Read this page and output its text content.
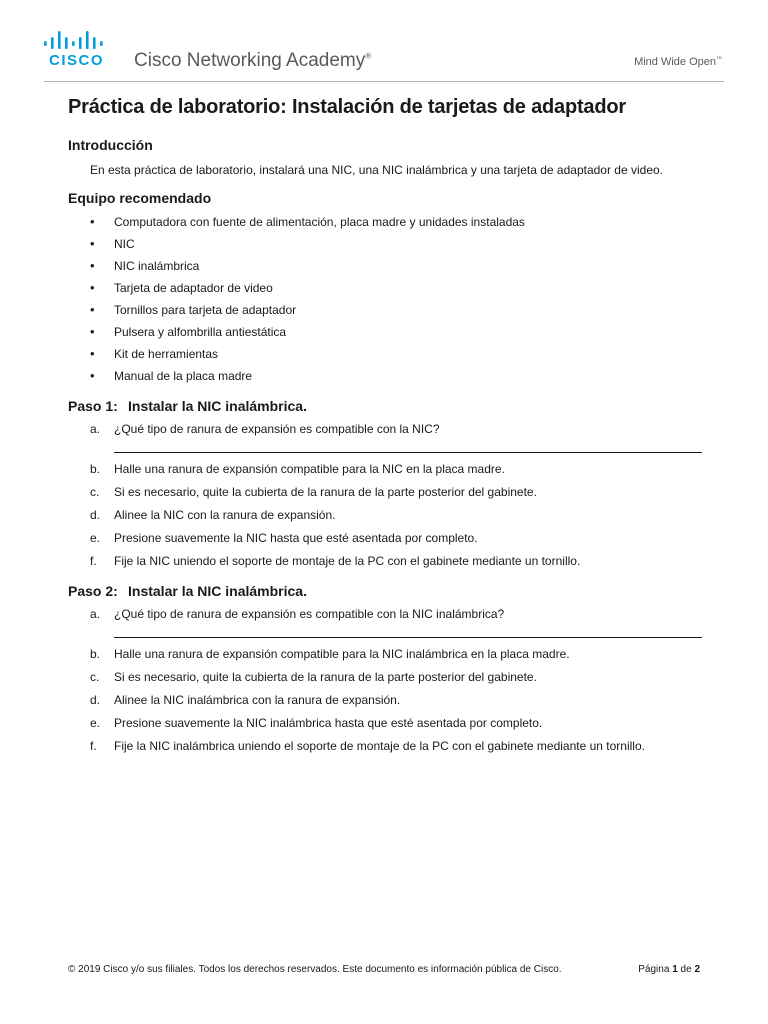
CISCO Cisco Networking Academy®	Mind Wide Open™
Práctica de laboratorio: Instalación de tarjetas de adaptador
Introducción

En esta práctica de laboratorio, instalará una NIC, una NIC inalámbrica y una tarjeta de adaptador de video.

Equipo recomendado
• Computadora con fuente de alimentación, placa madre y unidades instaladas
• NIC
• NIC inalámbrica
• Tarjeta de adaptador de video
• Tornillos para tarjeta de adaptador
• Pulsera y alfombrilla antiestática
• Kit de herramientas
• Manual de la placa madre
Paso 1: Instalar la NIC inalámbrica.
a. ¿Qué tipo de ranura de expansión es compatible con la NIC?
b. Halle una ranura de expansión compatible para la NIC en la placa madre.
c. Si es necesario, quite la cubierta de la ranura de la parte posterior del gabinete.
d. Alinee la NIC con la ranura de expansión.
e. Presione suavemente la NIC hasta que esté asentada por completo.
f. Fije la NIC uniendo el soporte de montaje de la PC con el gabinete mediante un tornillo.
Paso 2: Instalar la NIC inalámbrica.
a. ¿Qué tipo de ranura de expansión es compatible con la NIC inalámbrica?
b. Halle una ranura de expansión compatible para la NIC inalámbrica en la placa madre.
c. Si es necesario, quite la cubierta de la ranura de la parte posterior del gabinete.
d. Alinee la NIC inalámbrica con la ranura de expansión.
e. Presione suavemente la NIC inalámbrica hasta que esté asentada por completo.
f. Fije la NIC inalámbrica uniendo el soporte de montaje de la PC con el gabinete mediante un tornillo.
© 2019 Cisco y/o sus filiales. Todos los derechos reservados. Este documento es información pública de Cisco.	Página 1 de 2
